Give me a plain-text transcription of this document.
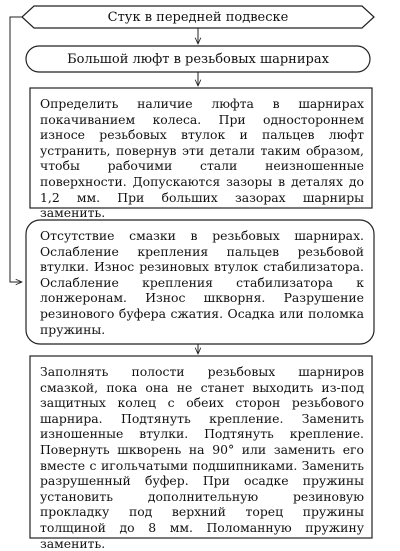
Стук в передней подвеске
Большой люфт в резьбовых шарнирах

Определить наличие люфта в шарнирах покачиванием колеса. При одностороннем износе резьбовых втулок и пальцев люфт устранить, повернув эти детали таким образом, чтобы рабочими стали неизношенные поверхности. Допускаются зазоры в деталях до 1,2 мм. При больших зазорах шарниры заменить.

Отсутствие смазки в резьбовых шарнирах. Ослабление крепления пальцев резьбовой втулки. Износ резиновых втулок стабилизатора. Ослабление крепления стабилизатора к лонжеронам. Износ шкворня. Разрушение резинового буфера сжатия. Осадка или поломка пружины.

Заполнять полости резьбовых шарниров смазкой, пока она не станет выходить из-под защитных колец с обеих сторон резьбового шарнира. Подтянуть крепление. Заменить изношенные втулки. Подтянуть крепление. Повернуть шкворень на 90° или заменить его вместе с игольчатыми подшипниками. Заменить разрушенный буфер. При осадке пружины установить дополнительную резиновую прокладку под верхний торец пружины толщиной до 8 мм. Поломанную пружину заменить.
